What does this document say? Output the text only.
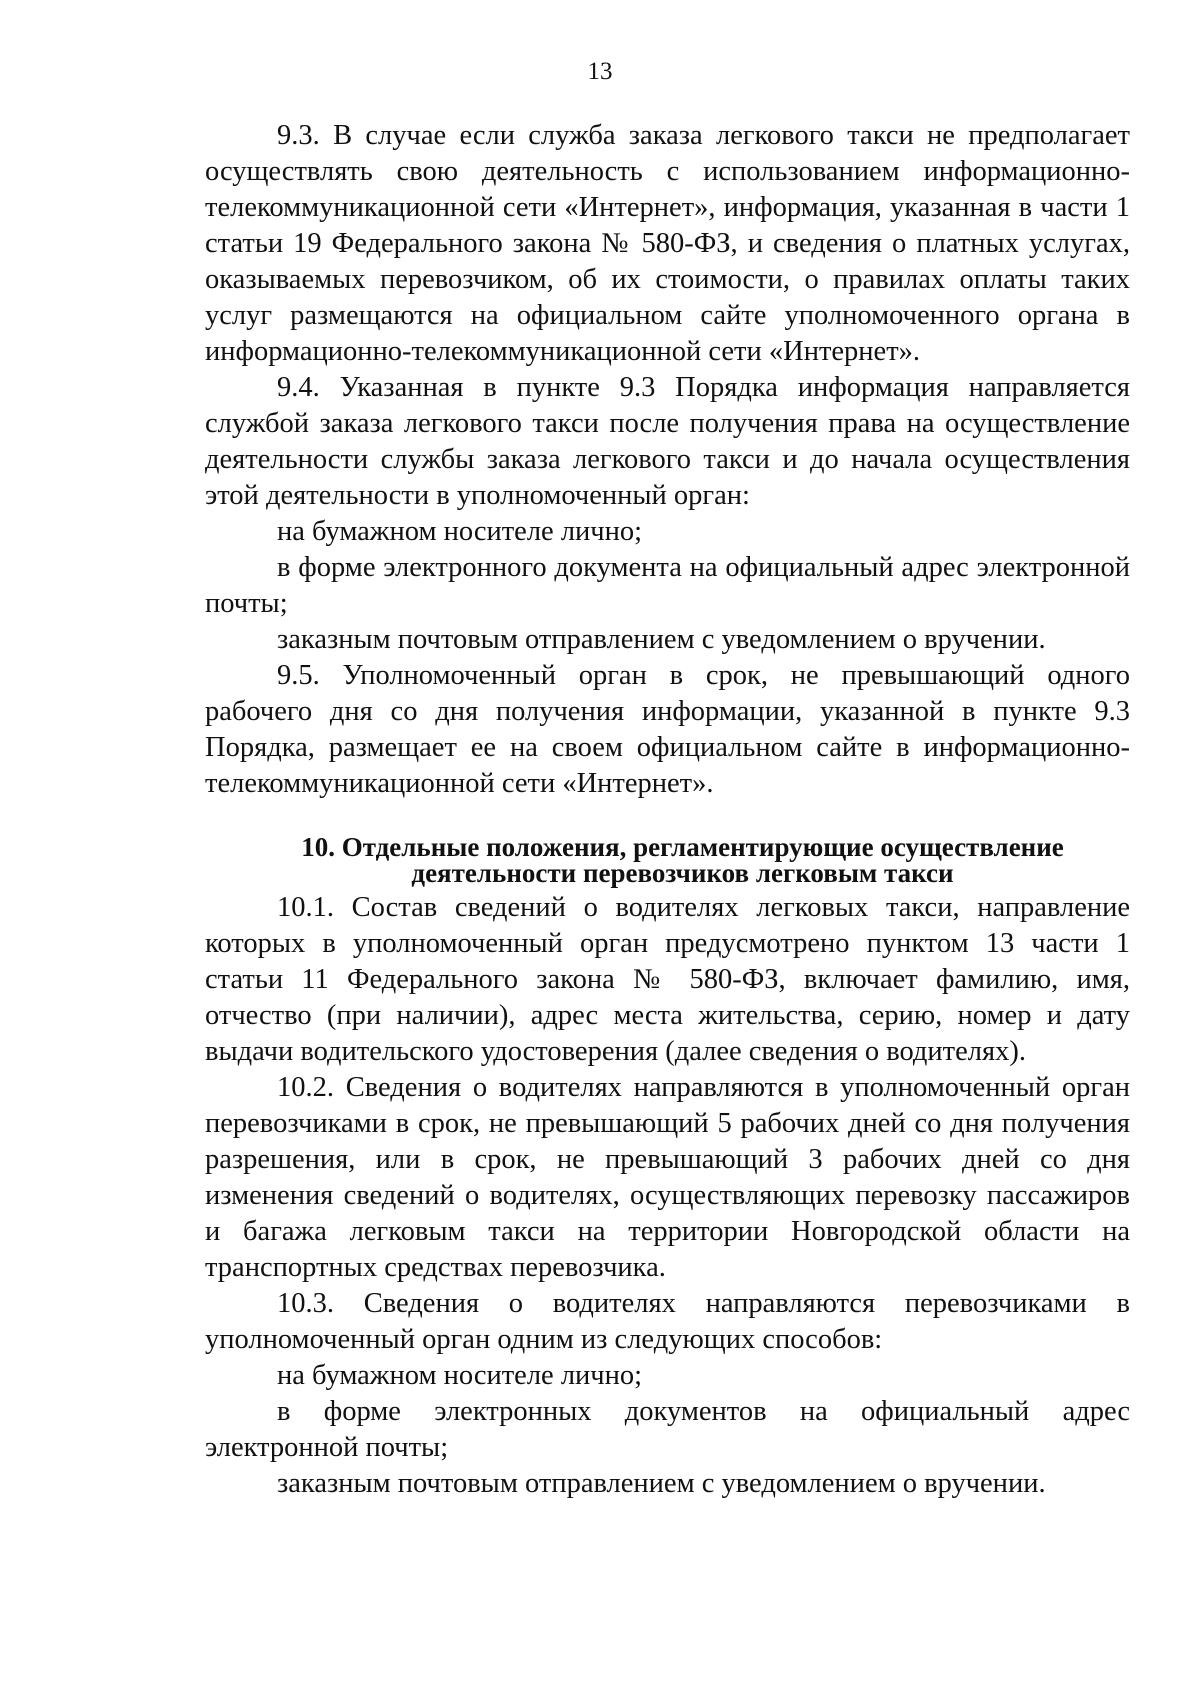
13

9.3. В случае если служба заказа легкового такси не предполагает осуществлять свою деятельность с использованием информационно-телекоммуникационной сети «Интернет», информация, указанная в части 1 статьи 19 Федерального закона № 580-ФЗ, и сведения о платных услугах, оказываемых перевозчиком, об их стоимости, о правилах оплаты таких услуг размещаются на официальном сайте уполномоченного органа в информационно-телекоммуникационной сети «Интернет».

9.4. Указанная в пункте 9.3 Порядка информация направляется службой заказа легкового такси после получения права на осуществление деятельности службы заказа легкового такси и до начала осуществления этой деятельности в уполномоченный орган:

на бумажном носителе лично;

в форме электронного документа на официальный адрес электронной почты;

заказным почтовым отправлением с уведомлением о вручении.

9.5. Уполномоченный орган в срок, не превышающий одного рабочего дня со дня получения информации, указанной в пункте 9.3 Порядка, размещает ее на своем официальном сайте в информационно-телекоммуникационной сети «Интернет».

10. Отдельные положения, регламентирующие осуществление
деятельности перевозчиков легковым такси

10.1. Состав сведений о водителях легковых такси, направление которых в уполномоченный орган предусмотрено пунктом 13 части 1 статьи 11 Федерального закона № 580-ФЗ, включает фамилию, имя, отчество (при наличии), адрес места жительства, серию, номер и дату выдачи водительского удостоверения (далее сведения о водителях).

10.2. Сведения о водителях направляются в уполномоченный орган перевозчиками в срок, не превышающий 5 рабочих дней со дня получения разрешения, или в срок, не превышающий 3 рабочих дней со дня изменения сведений о водителях, осуществляющих перевозку пассажиров и багажа легковым такси на территории Новгородской области на транспортных средствах перевозчика.

10.3. Сведения о водителях направляются перевозчиками в уполномоченный орган одним из следующих способов:

на бумажном носителе лично;

в форме электронных документов на официальный адрес электронной почты;

заказным почтовым отправлением с уведомлением о вручении.
